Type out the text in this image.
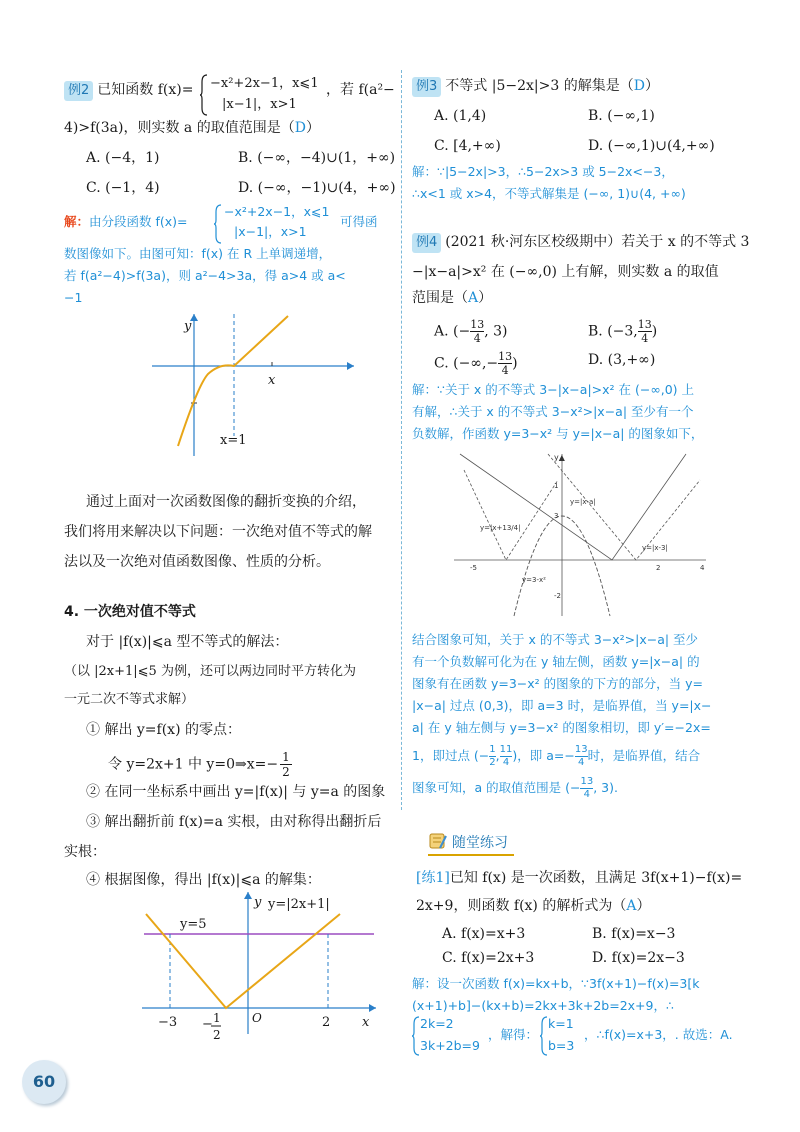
例2 已知函数 f(x)= −x²+2x−1，x⩽1
|x−1|，x>1
，若 f(a²−
4)>f(3a)，则实数 a 的取值范围是（D）
A. (−4，1)	B. (−∞，−4)∪(1，+∞)
C. (−1，4)	D. (−∞，−1)∪(4，+∞)
解：由分段函数 f(x)=
−x²+2x−1，x⩽1
|x−1|，x>1
可得函
数图像如下。由图可知：f(x) 在 R 上单调递增，
若 f(a²−4)>f(3a)，则 a²−4>3a，得 a>4 或 a<
−1
y
x
x=1
通过上面对一次函数图像的翻折变换的介绍，
我们将用来解决以下问题：一次绝对值不等式的解
法以及一次绝对值函数图像、性质的分析。
4. 一次绝对值不等式
对于 |f(x)|⩽a 型不等式的解法：
（以 |2x+1|⩽5 为例，还可以两边同时平方转化为
一元二次不等式求解）
① 解出 y=f(x) 的零点：
令 y=2x+1 中 y=0⇒x=− $\frac{1}{2}$
② 在同一坐标系中画出 y=|f(x)| 与 y=a 的图象
③ 解出翻折前 f(x)=a 实根，由对称得出翻折后
实根：
④ 根据图像，得出 |f(x)|⩽a 的解集：
y y=|2x+1|
y=5
x
−3	2
O
− 1
2
例3 不等式 |5−2x|>3 的解集是（D）
A. (1,4)	B. (−∞,1)
C. [4,+∞)	D. (−∞,1)∪(4,+∞)
解：∵|5−2x|>3，∴5−2x>3 或 5−2x<−3，
∴x<1 或 x>4，不等式解集是 (−∞, 1)∪(4, +∞)
例4 (2021 秋·河东区校级期中）若关于 x 的不等式 3
−|x−a|>x² 在 (−∞,0) 上有解，则实数 a 的取值
范围是（A）
A. (− $\frac{13}{4}$ , 3)	B. (−3, $\frac{13}{4}$ )
C. (−∞,− $\frac{13}{4}$ )	D. (3,+∞)
解：∵关于 x 的不等式 3−|x−a|>x² 在 (−∞,0) 上
有解，∴关于 x 的不等式 3−x²>|x−a| 至少有一个
负数解，作函数 y=3−x² 与 y=|x−a| 的图象如下，
y▲
y=|x-a|
y=|x+13/4|
y=|x-3|
y=3-x²
-5	2
3
1
-2
4
结合图象可知，关于 x 的不等式 3−x²>|x−a| 至少
有一个负数解可化为在 y 轴左侧，函数 y=|x−a| 的
图象有在函数 y=3−x² 的图象的下方的部分，当 y=
|x−a| 过点 (0,3)，即 a=3 时，是临界值，当 y=|x−
a| 在 y 轴左侧与 y=3−x² 的图象相切，即 y′=−2x=
1，即过点 (− $\frac{1}{2}$ , $\frac{11}{4}$ )，即 $a=- \frac{13}{4}$ 时，是临界值，结合
图象可知，a 的取值范围是 (− $\frac{13}{4}$ , 3).
随堂练习
[练1]已知 f(x) 是一次函数，且满足 3f(x+1)−f(x)=
2x+9，则函数 f(x) 的解析式为（A）
A. f(x)=x+3	B. f(x)=x−3
C. f(x)=2x+3	D. f(x)=2x−3
解：设一次函数 f(x)=kx+b，∵3f(x+1)−f(x)=3[k
(x+1)+b]−(kx+b)=2kx+3k+2b=2x+9，∴
2k=2
3k+2b=9
，解得：
k=1
b=3
，∴f(x)=x+3，. 故选：A.
60
